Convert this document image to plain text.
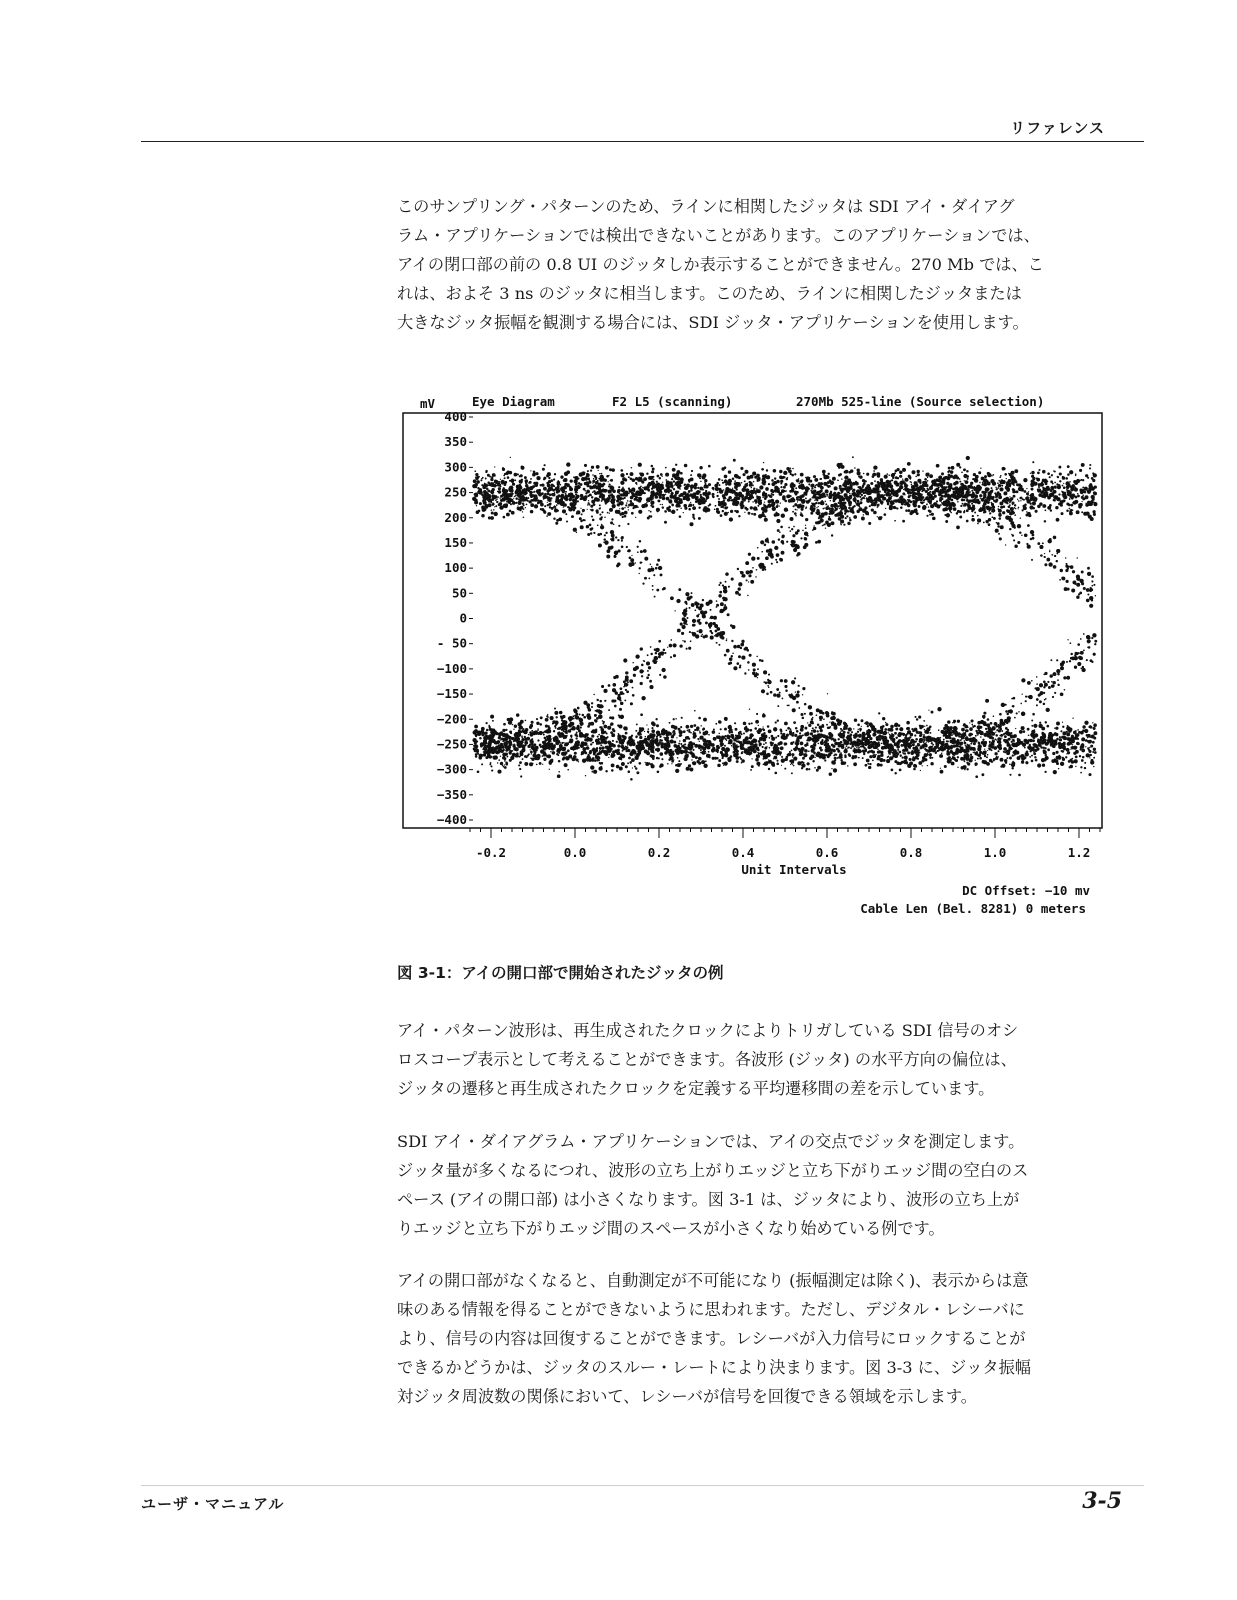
リファレンス

このサンプリング・パターンのため、ラインに相関したジッタは SDI アイ・ダイアグ
ラム・アプリケーションでは検出できないことがあります。このアプリケーションでは、
アイの閉口部の前の 0.8 UI のジッタしか表示することができません。270 Mb では、こ
れは、およそ 3 ns のジッタに相当します。このため、ラインに相関したジッタまたは
大きなジッタ振幅を観測する場合には、SDI ジッタ・アプリケーションを使用します。

mV	Eye Diagram	F2 L5 (scanning)	270Mb 525-line (Source selection)
400
350
300
250
200
150
100
50
0
- 50
−100
−150
−200
−250
−300
−350
−400
-0.2	0.0	0.2	0.4	0.6	0.8	1.0	1.2
Unit Intervals
DC Offset: −10 mv
Cable Len (Bel. 8281) 0 meters
図 3-1：アイの開口部で開始されたジッタの例

アイ・パターン波形は、再生成されたクロックによりトリガしている SDI 信号のオシ
ロスコープ表示として考えることができます。各波形 (ジッタ) の水平方向の偏位は、
ジッタの遷移と再生成されたクロックを定義する平均遷移間の差を示しています。

SDI アイ・ダイアグラム・アプリケーションでは、アイの交点でジッタを測定します。
ジッタ量が多くなるにつれ、波形の立ち上がりエッジと立ち下がりエッジ間の空白のス
ペース (アイの開口部) は小さくなります。図 3-1 は、ジッタにより、波形の立ち上が
りエッジと立ち下がりエッジ間のスペースが小さくなり始めている例です。

アイの開口部がなくなると、自動測定が不可能になり (振幅測定は除く)、表示からは意
味のある情報を得ることができないように思われます。ただし、デジタル・レシーバに
より、信号の内容は回復することができます。レシーバが入力信号にロックすることが
できるかどうかは、ジッタのスルー・レートにより決まります。図 3-3 に、ジッタ振幅
対ジッタ周波数の関係において、レシーバが信号を回復できる領域を示します。

ユーザ・マニュアル	3-5
